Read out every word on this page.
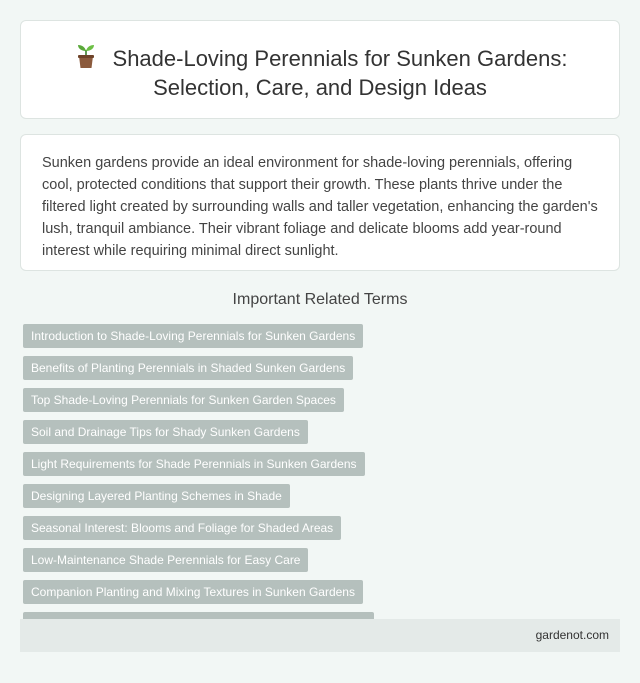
Shade-Loving Perennials for Sunken Gardens:
Selection, Care, and Design Ideas
Sunken gardens provide an ideal environment for shade-loving perennials, offering cool, protected conditions that support their growth. These plants thrive under the filtered light created by surrounding walls and taller vegetation, enhancing the garden's lush, tranquil ambiance. Their vibrant foliage and delicate blooms add year-round interest while requiring minimal direct sunlight.
Important Related Terms
Introduction to Shade-Loving Perennials for Sunken Gardens
Benefits of Planting Perennials in Shaded Sunken Gardens
Top Shade-Loving Perennials for Sunken Garden Spaces
Soil and Drainage Tips for Shady Sunken Gardens
Light Requirements for Shade Perennials in Sunken Gardens
Designing Layered Planting Schemes in Shade
Seasonal Interest: Blooms and Foliage for Shaded Areas
Low-Maintenance Shade Perennials for Easy Care
Companion Planting and Mixing Textures in Sunken Gardens
gardenot.com
